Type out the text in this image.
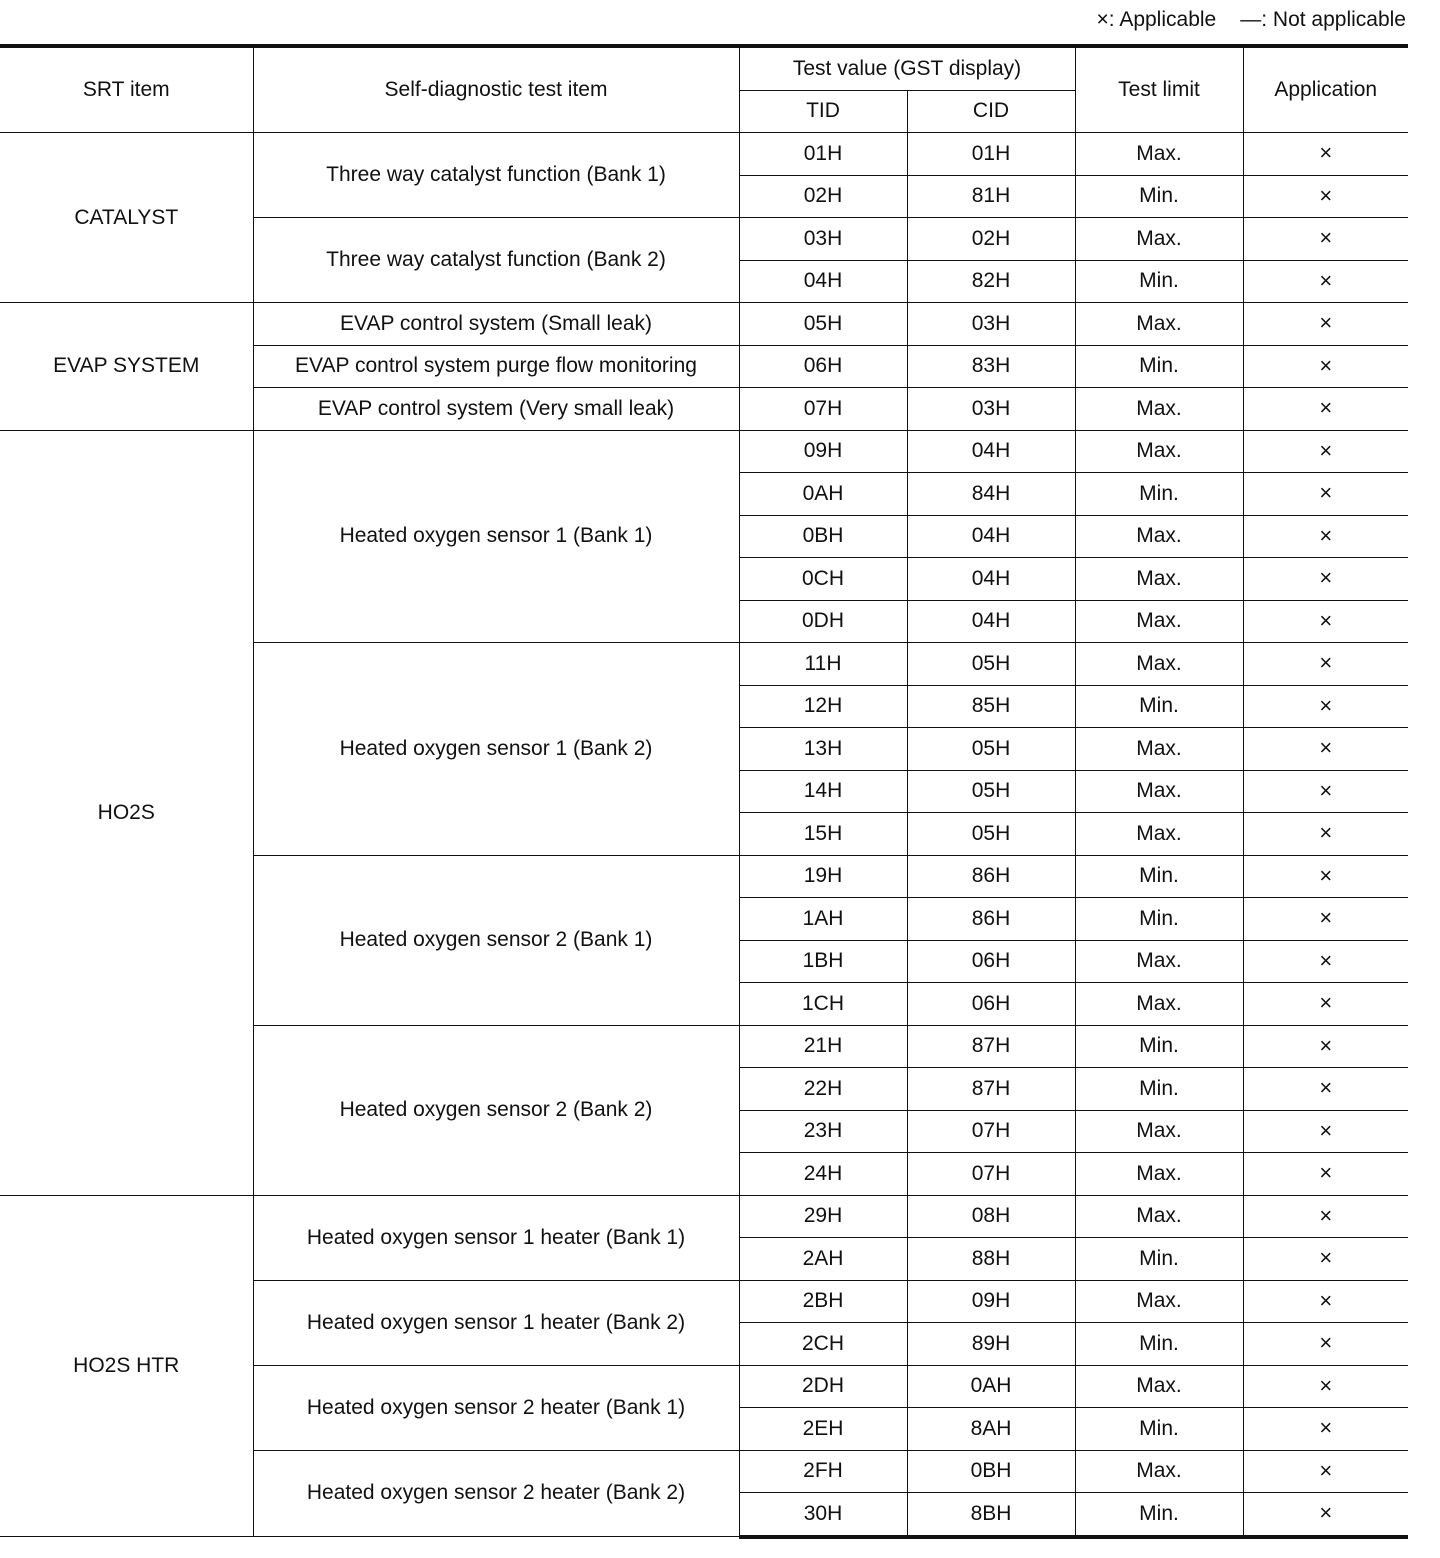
×: Applicable —: Not applicable
SRT item	Self-diagnostic test item	Test value (GST display)		Test limit	Application
		TID	CID		
CATALYST	Three way catalyst function (Bank 1)	01H	01H	Max.	×
		02H	81H	Min.	×
	Three way catalyst function (Bank 2)	03H	02H	Max.	×
		04H	82H	Min.	×
EVAP SYSTEM	EVAP control system (Small leak)	05H	03H	Max.	×
	EVAP control system purge flow monitoring	06H	83H	Min.	×
	EVAP control system (Very small leak)	07H	03H	Max.	×
HO2S	Heated oxygen sensor 1 (Bank 1)	09H	04H	Max.	×
		0AH	84H	Min.	×
		0BH	04H	Max.	×
		0CH	04H	Max.	×
		0DH	04H	Max.	×
	Heated oxygen sensor 1 (Bank 2)	11H	05H	Max.	×
		12H	85H	Min.	×
		13H	05H	Max.	×
		14H	05H	Max.	×
		15H	05H	Max.	×
	Heated oxygen sensor 2 (Bank 1)	19H	86H	Min.	×
		1AH	86H	Min.	×
		1BH	06H	Max.	×
		1CH	06H	Max.	×
	Heated oxygen sensor 2 (Bank 2)	21H	87H	Min.	×
		22H	87H	Min.	×
		23H	07H	Max.	×
		24H	07H	Max.	×
HO2S HTR	Heated oxygen sensor 1 heater (Bank 1)	29H	08H	Max.	×
		2AH	88H	Min.	×
	Heated oxygen sensor 1 heater (Bank 2)	2BH	09H	Max.	×
		2CH	89H	Min.	×
	Heated oxygen sensor 2 heater (Bank 1)	2DH	0AH	Max.	×
		2EH	8AH	Min.	×
	Heated oxygen sensor 2 heater (Bank 2)	2FH	0BH	Max.	×
		30H	8BH	Min.	×
